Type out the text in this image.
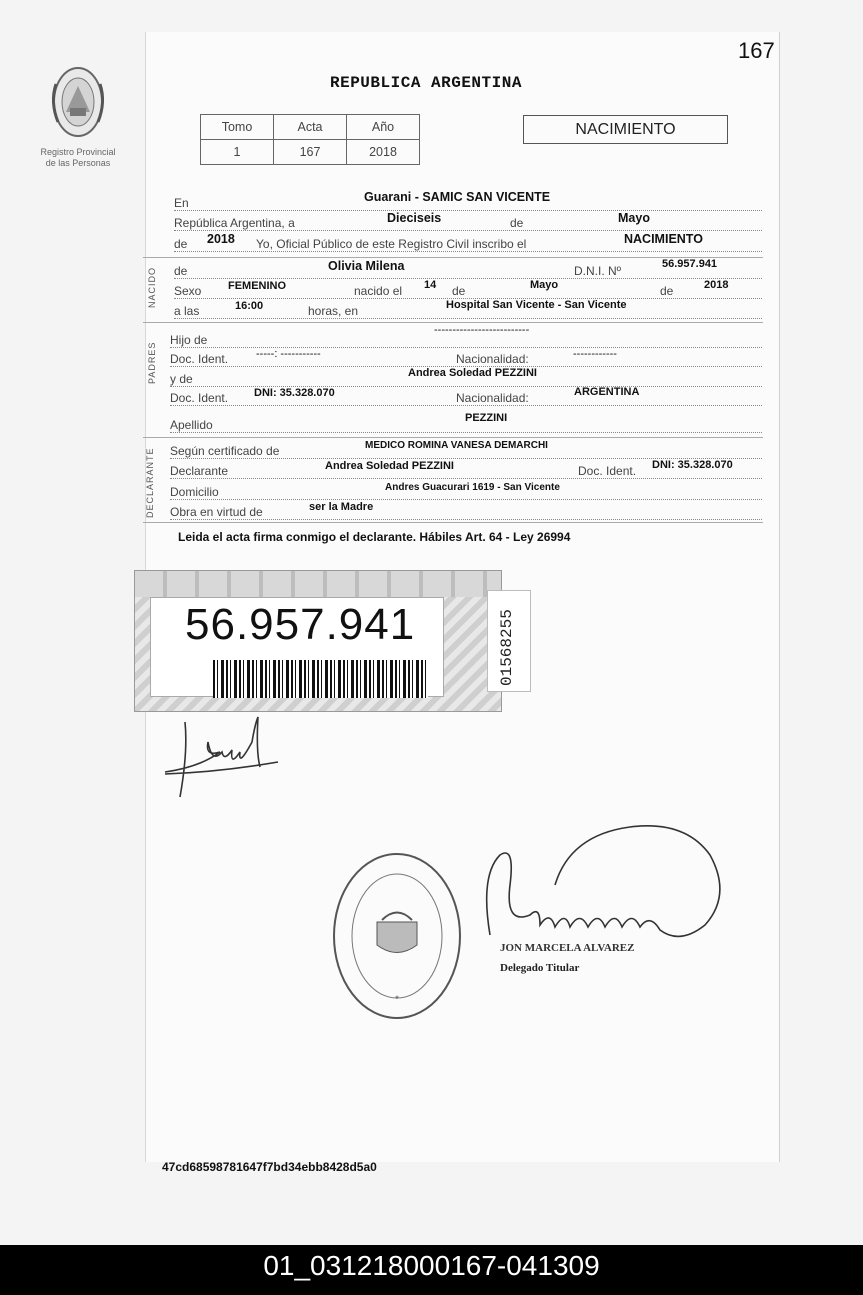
167
Registro Provincial
de las Personas
REPUBLICA ARGENTINA
Tomo	Acta	Año
1	167	2018
NACIMIENTO
NACIDO
PADRES
DECLARANTE
En	Guarani - SAMIC SAN VICENTE
República Argentina, a	de
Dieciseis	Mayo
de	Yo, Oficial Público de este Registro Civil inscribo el
2018	NACIMIENTO
de	D.N.I. Nº
Olivia Milena	56.957.941
Sexo	nacido el	de	de
FEMENINO	14	Mayo	2018
a las	horas, en
16:00	Hospital San Vicente - San Vicente
Hijo de
--------------------------
Doc. Ident.	Nacionalidad:
-----: -----------	------------
y de	Andrea Soledad PEZZINI
Doc. Ident.	Nacionalidad:
DNI: 35.328.070	ARGENTINA
Apellido	PEZZINI
Según certificado de	MEDICO ROMINA VANESA DEMARCHI
Declarante	Doc. Ident.
Andrea Soledad PEZZINI	DNI: 35.328.070
Domicilio	Andres Guacurari 1619 - San Vicente
Obra en virtud de	ser la Madre
Leida el acta firma conmigo el declarante. Hábiles Art. 64 - Ley 26994
56.957.941	01568255
*
JON MARCELA ALVAREZ
Delegado Titular
47cd68598781647f7bd34ebb8428d5a0
01_031218000167-041309
